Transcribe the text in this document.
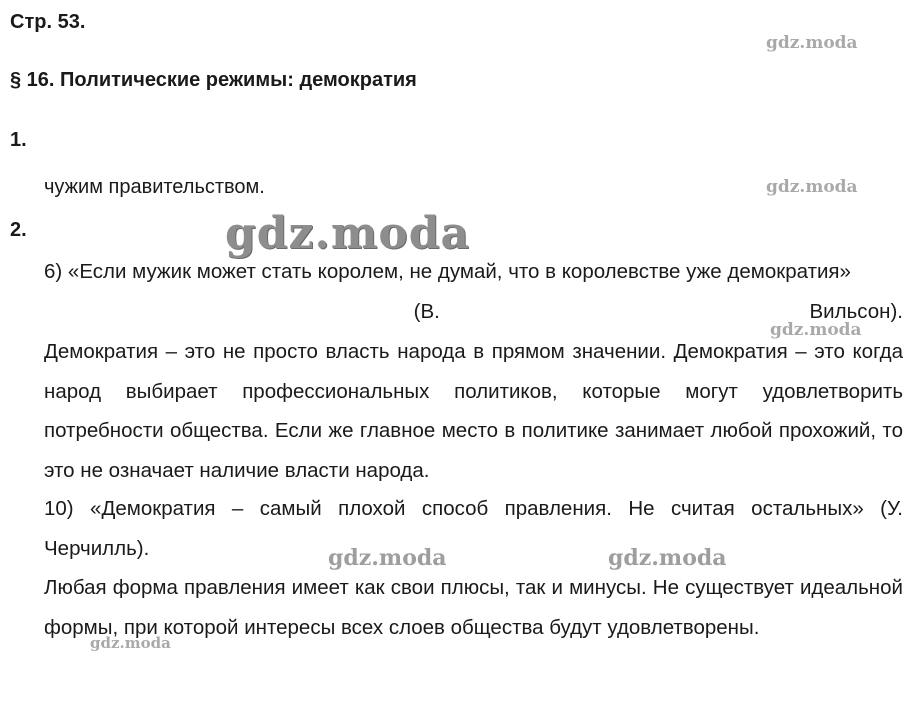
Стр. 53.
§ 16. Политические режимы: демократия
1.
чужим правительством.
2.
6) «Если мужик может стать королем, не думай, что в королевстве уже демократия»
(В.	Вильсон).

Демократия – это не просто власть народа в прямом значении. Демократия – это когда народ выбирает профессиональных политиков, которые могут удовлетворить потребности общества. Если же главное место в политике занимает любой прохожий, то это не означает наличие власти народа.

10) «Демократия – самый плохой способ правления. Не считая остальных» (У. Черчилль).

Любая форма правления имеет как свои плюсы, так и минусы. Не существует идеальной формы, при которой интересы всех слоев общества будут удовлетворены.

gdz.moda
gdz.moda
gdz.moda
gdz.moda
gdz.moda	gdz.moda
gdz.moda
